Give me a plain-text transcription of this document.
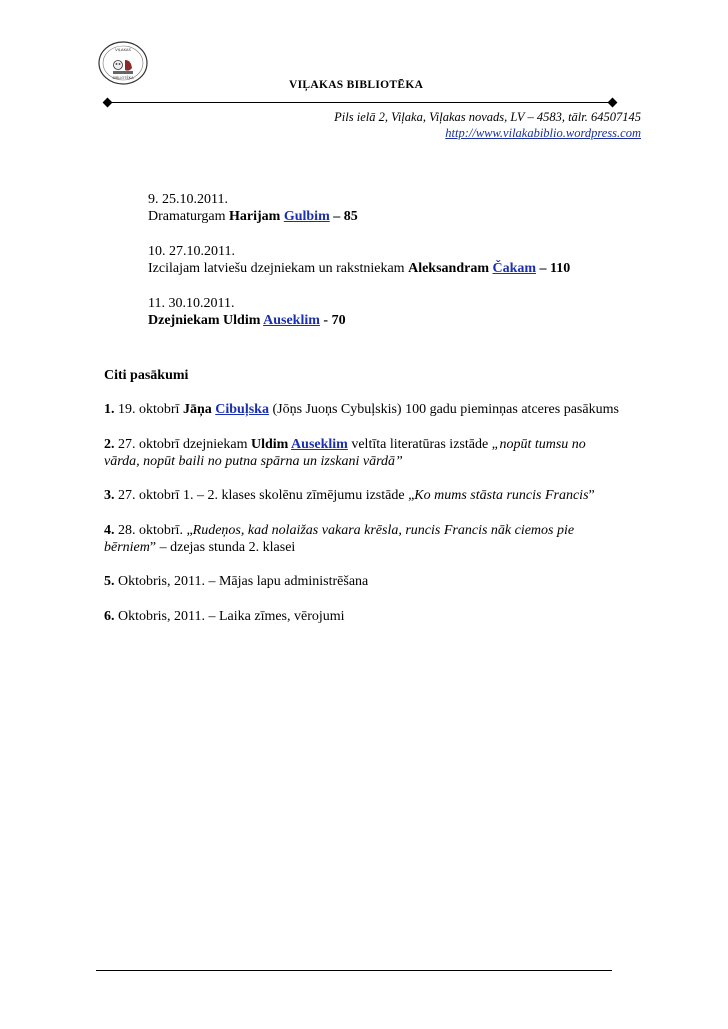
VIĻAKAS
BIBLIOTĒKA
VIĻAKAS BIBLIOTĒKA
Pils ielā 2, Viļaka, Viļakas novads, LV – 4583, tālr. 64507145
http://www.vilakabiblio.wordpress.com
9. 25.10.2011.
Dramaturgam Harijam Gulbim – 85
10. 27.10.2011.
Izcilajam latviešu dzejniekam un rakstniekam Aleksandram Čakam – 110
11. 30.10.2011.
Dzejniekam Uldim Auseklim - 70
Citi pasākumi
1. 19. oktobrī Jāņa Cibuļska (Jōņs Juoņs Cybuļskis) 100 gadu pieminņas atceres pasākums
2. 27. oktobrī dzejniekam Uldim Auseklim veltīta literatūras izstāde „nopūt tumsu no
vārda, nopūt baili no putna spārna un izskani vārdā”
3. 27. oktobrī 1. – 2. klases skolēnu zīmējumu izstāde „Ko mums stāsta runcis Francis”
4. 28. oktobrī. „Rudeņos, kad nolaižas vakara krēsla, runcis Francis nāk ciemos pie
bērniem” – dzejas stunda 2. klasei
5. Oktobris, 2011. – Mājas lapu administrēšana
6. Oktobris, 2011. – Laika zīmes, vērojumi
